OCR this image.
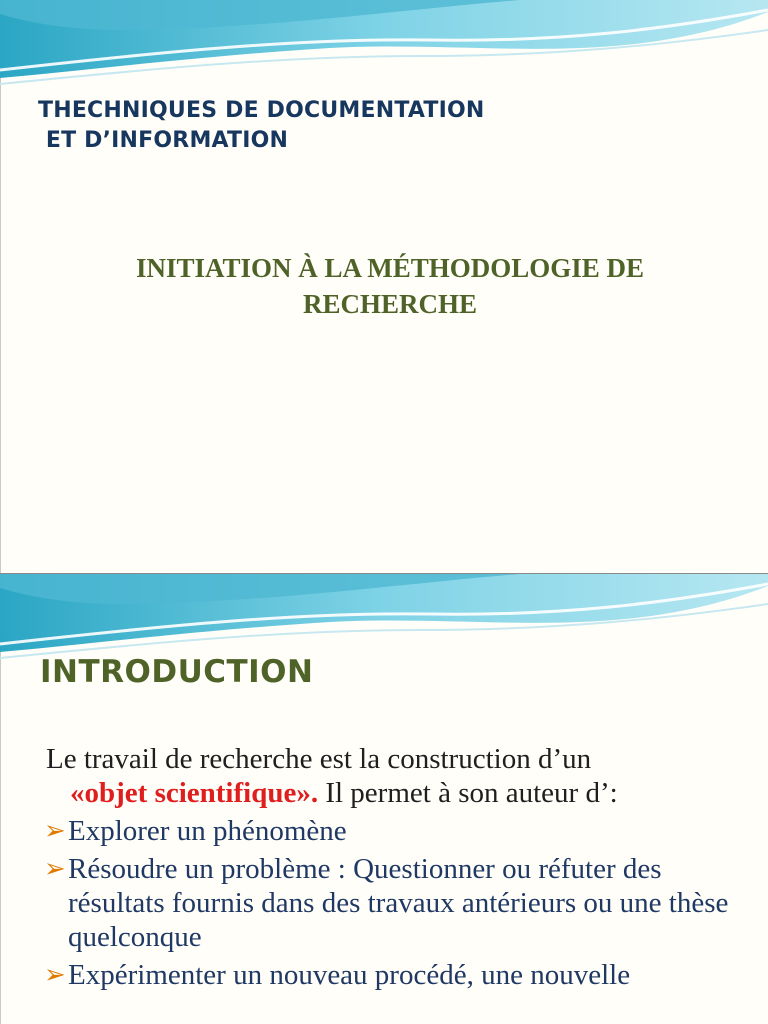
THECHNIQUES DE DOCUMENTATION
ET D’INFORMATION
INITIATION À LA MÉTHODOLOGIE DE
RECHERCHE
INTRODUCTION

Le travail de recherche est la construction d’un
«objet scientifique». Il permet à son auteur d’:

➢ Explorer un phénomène
➢ Résoudre un problème : Questionner ou réfuter des résultats fournis dans des travaux antérieurs ou une thèse quelconque
➢ Expérimenter un nouveau procédé, une nouvelle
